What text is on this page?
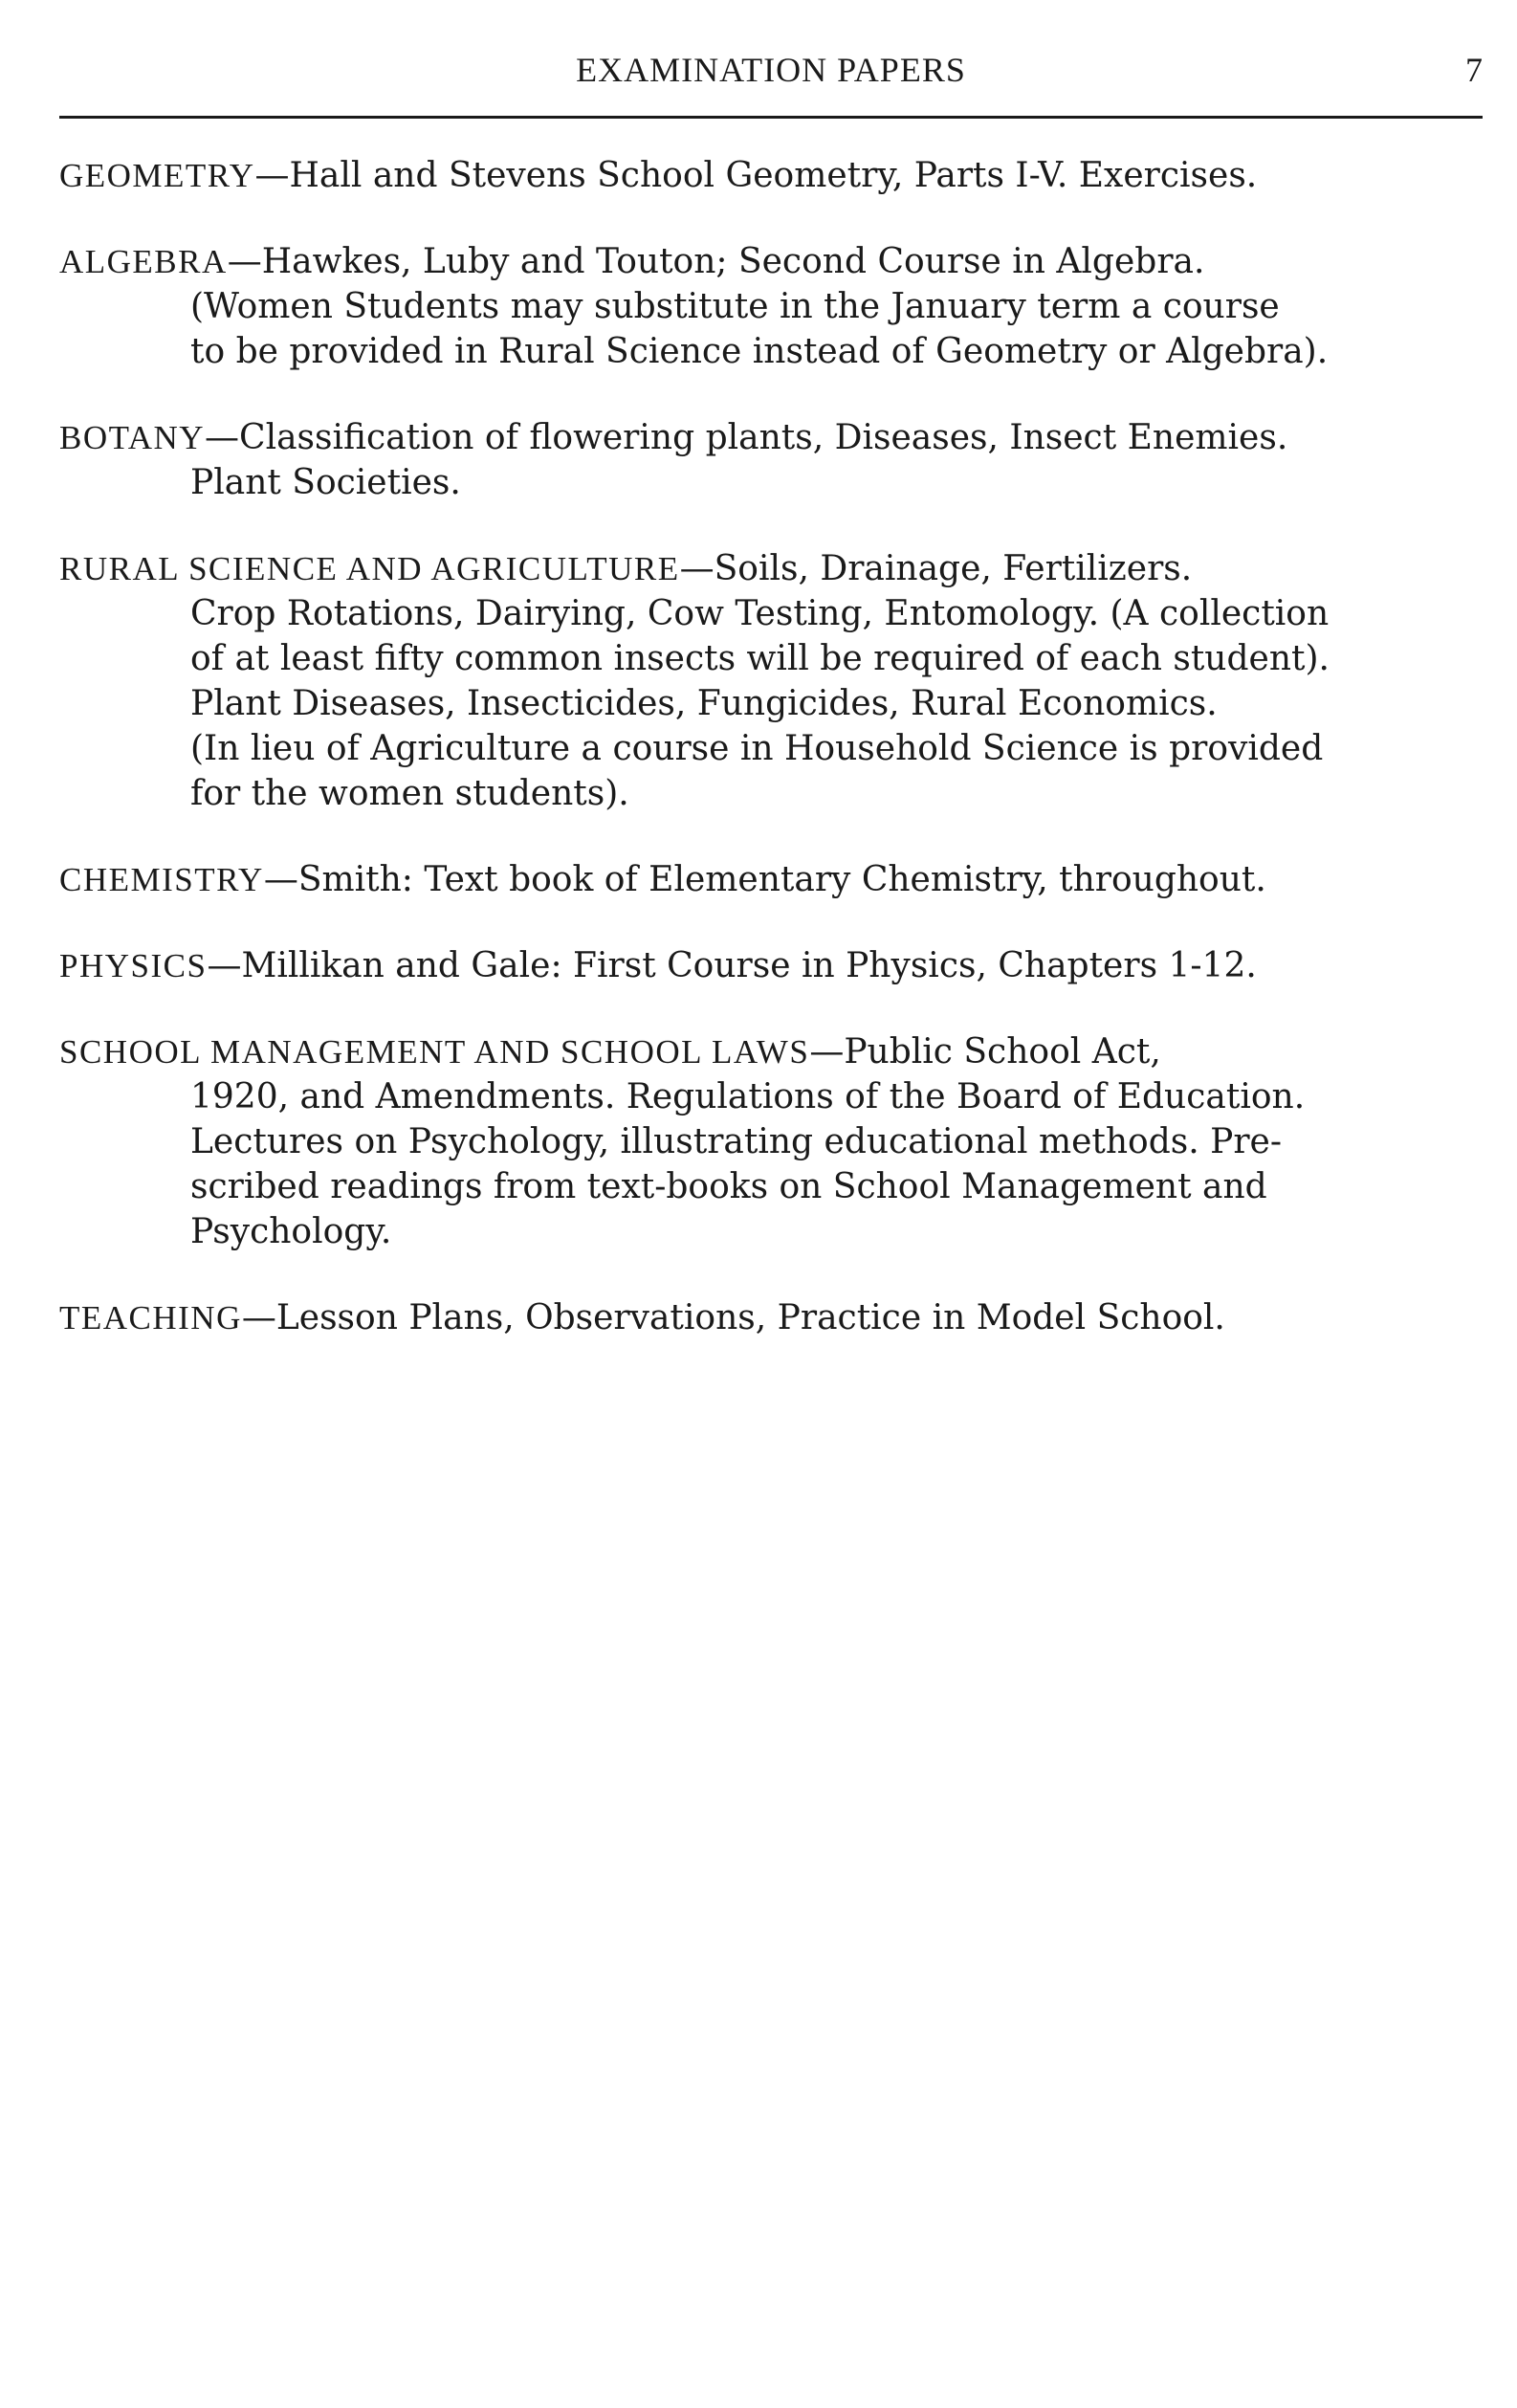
EXAMINATION PAPERS	7

GEOMETRY—Hall and Stevens School Geometry, Parts I-V. Exercises.

ALGEBRA—Hawkes, Luby and Touton; Second Course in Algebra.
(Women Students may substitute in the January term a course
to be provided in Rural Science instead of Geometry or Algebra).

BOTANY—Classification of flowering plants, Diseases, Insect Enemies.
Plant Societies.

RURAL SCIENCE AND AGRICULTURE—Soils, Drainage, Fertilizers.
Crop Rotations, Dairying, Cow Testing, Entomology. (A collection
of at least fifty common insects will be required of each student).
Plant Diseases, Insecticides, Fungicides, Rural Economics.
(In lieu of Agriculture a course in Household Science is provided
for the women students).

CHEMISTRY—Smith: Text book of Elementary Chemistry, throughout.

PHYSICS—Millikan and Gale: First Course in Physics, Chapters 1-12.

SCHOOL MANAGEMENT AND SCHOOL LAWS—Public School Act,
1920, and Amendments. Regulations of the Board of Education.
Lectures on Psychology, illustrating educational methods. Pre-
scribed readings from text-books on School Management and
Psychology.

TEACHING—Lesson Plans, Observations, Practice in Model School.
